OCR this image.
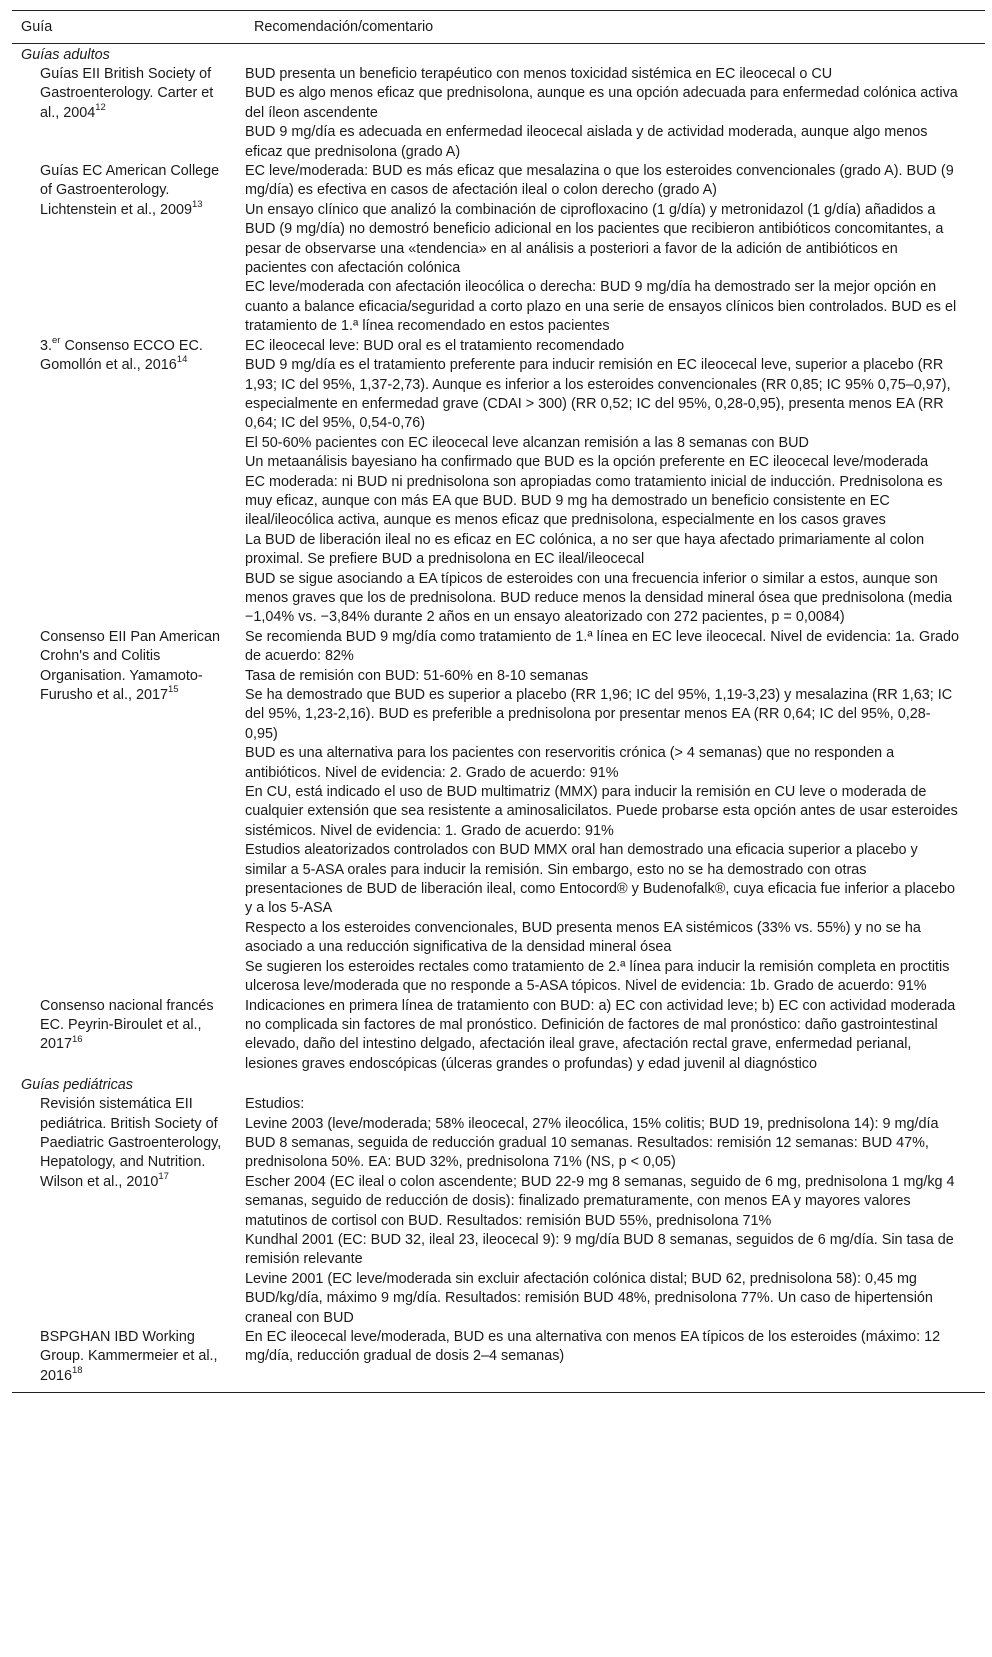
Guía	Recomendación/comentario
Guías adultos
Guías EII British Society of Gastroenterology. Carter et al., 2004$^{12}$

BUD presenta un beneficio terapéutico con menos toxicidad sistémica en EC ileocecal o CU

BUD es algo menos eficaz que prednisolona, aunque es una opción adecuada para enfermedad colónica activa del íleon ascendente

BUD 9 mg/día es adecuada en enfermedad ileocecal aislada y de actividad moderada, aunque algo menos eficaz que prednisolona (grado A)

Guías EC American College of Gastroenterology. Lichtenstein et al., 2009$^{13}$

EC leve/moderada: BUD es más eficaz que mesalazina o que los esteroides convencionales (grado A). BUD (9 mg/día) es efectiva en casos de afectación ileal o colon derecho (grado A)

Un ensayo clínico que analizó la combinación de ciprofloxacino (1 g/día) y metronidazol (1 g/día) añadidos a BUD (9 mg/día) no demostró beneficio adicional en los pacientes que recibieron antibióticos concomitantes, a pesar de observarse una «tendencia» en al análisis a posteriori a favor de la adición de antibióticos en pacientes con afectación colónica

EC leve/moderada con afectación ileocólica o derecha: BUD 9 mg/día ha demostrado ser la mejor opción en cuanto a balance eficacia/seguridad a corto plazo en una serie de ensayos clínicos bien controlados. BUD es el tratamiento de 1.ª línea recomendado en estos pacientes

3.$^{er}$ Consenso ECCO EC. Gomollón et al., 2016$^{14}$

EC ileocecal leve: BUD oral es el tratamiento recomendado

BUD 9 mg/día es el tratamiento preferente para inducir remisión en EC ileocecal leve, superior a placebo (RR 1,93; IC del 95%, 1,37-2,73). Aunque es inferior a los esteroides convencionales (RR 0,85; IC 95% 0,75–0,97), especialmente en enfermedad grave (CDAI > 300) (RR 0,52; IC del 95%, 0,28-0,95), presenta menos EA (RR 0,64; IC del 95%, 0,54-0,76)

El 50-60% pacientes con EC ileocecal leve alcanzan remisión a las 8 semanas con BUD

Un metaanálisis bayesiano ha confirmado que BUD es la opción preferente en EC ileocecal leve/moderada

EC moderada: ni BUD ni prednisolona son apropiadas como tratamiento inicial de inducción. Prednisolona es muy eficaz, aunque con más EA que BUD. BUD 9 mg ha demostrado un beneficio consistente en EC ileal/ileocólica activa, aunque es menos eficaz que prednisolona, especialmente en los casos graves

La BUD de liberación ileal no es eficaz en EC colónica, a no ser que haya afectado primariamente al colon proximal. Se prefiere BUD a prednisolona en EC ileal/ileocecal

BUD se sigue asociando a EA típicos de esteroides con una frecuencia inferior o similar a estos, aunque son menos graves que los de prednisolona. BUD reduce menos la densidad mineral ósea que prednisolona (media −1,04% vs. −3,84% durante 2 años en un ensayo aleatorizado con 272 pacientes, p = 0,0084)

Consenso EII Pan American Crohn's and Colitis Organisation. Yamamoto-Furusho et al., 2017$^{15}$

Se recomienda BUD 9 mg/día como tratamiento de 1.ª línea en EC leve ileocecal. Nivel de evidencia: 1a. Grado de acuerdo: 82%

Tasa de remisión con BUD: 51-60% en 8-10 semanas

Se ha demostrado que BUD es superior a placebo (RR 1,96; IC del 95%, 1,19-3,23) y mesalazina (RR 1,63; IC del 95%, 1,23-2,16). BUD es preferible a prednisolona por presentar menos EA (RR 0,64; IC del 95%, 0,28-0,95)

BUD es una alternativa para los pacientes con reservoritis crónica (> 4 semanas) que no responden a antibióticos. Nivel de evidencia: 2. Grado de acuerdo: 91%

En CU, está indicado el uso de BUD multimatriz (MMX) para inducir la remisión en CU leve o moderada de cualquier extensión que sea resistente a aminosalicilatos. Puede probarse esta opción antes de usar esteroides sistémicos. Nivel de evidencia: 1. Grado de acuerdo: 91%

Estudios aleatorizados controlados con BUD MMX oral han demostrado una eficacia superior a placebo y similar a 5-ASA orales para inducir la remisión. Sin embargo, esto no se ha demostrado con otras presentaciones de BUD de liberación ileal, como Entocord® y Budenofalk®, cuya eficacia fue inferior a placebo y a los 5-ASA

Respecto a los esteroides convencionales, BUD presenta menos EA sistémicos (33% vs. 55%) y no se ha asociado a una reducción significativa de la densidad mineral ósea

Se sugieren los esteroides rectales como tratamiento de 2.ª línea para inducir la remisión completa en proctitis ulcerosa leve/moderada que no responde a 5-ASA tópicos. Nivel de evidencia: 1b. Grado de acuerdo: 91%

Consenso nacional francés EC. Peyrin-Biroulet et al., 2017$^{16}$

Indicaciones en primera línea de tratamiento con BUD: a) EC con actividad leve; b) EC con actividad moderada no complicada sin factores de mal pronóstico. Definición de factores de mal pronóstico: daño gastrointestinal elevado, daño del intestino delgado, afectación ileal grave, afectación rectal grave, enfermedad perianal, lesiones graves endoscópicas (úlceras grandes o profundas) y edad juvenil al diagnóstico

Guías pediátricas
Revisión sistemática EII pediátrica. British Society of Paediatric Gastroenterology, Hepatology, and Nutrition. Wilson et al., 2010$^{17}$

Estudios:

Levine 2003 (leve/moderada; 58% ileocecal, 27% ileocólica, 15% colitis; BUD 19, prednisolona 14): 9 mg/día BUD 8 semanas, seguida de reducción gradual 10 semanas. Resultados: remisión 12 semanas: BUD 47%, prednisolona 50%. EA: BUD 32%, prednisolona 71% (NS, p < 0,05)

Escher 2004 (EC ileal o colon ascendente; BUD 22-9 mg 8 semanas, seguido de 6 mg, prednisolona 1 mg/kg 4 semanas, seguido de reducción de dosis): finalizado prematuramente, con menos EA y mayores valores matutinos de cortisol con BUD. Resultados: remisión BUD 55%, prednisolona 71%

Kundhal 2001 (EC: BUD 32, ileal 23, ileocecal 9): 9 mg/día BUD 8 semanas, seguidos de 6 mg/día. Sin tasa de remisión relevante

Levine 2001 (EC leve/moderada sin excluir afectación colónica distal; BUD 62, prednisolona 58): 0,45 mg BUD/kg/día, máximo 9 mg/día. Resultados: remisión BUD 48%, prednisolona 77%. Un caso de hipertensión craneal con BUD

BSPGHAN IBD Working Group. Kammermeier et al., 2016$^{18}$

En EC ileocecal leve/moderada, BUD es una alternativa con menos EA típicos de los esteroides (máximo: 12 mg/día, reducción gradual de dosis 2–4 semanas)
